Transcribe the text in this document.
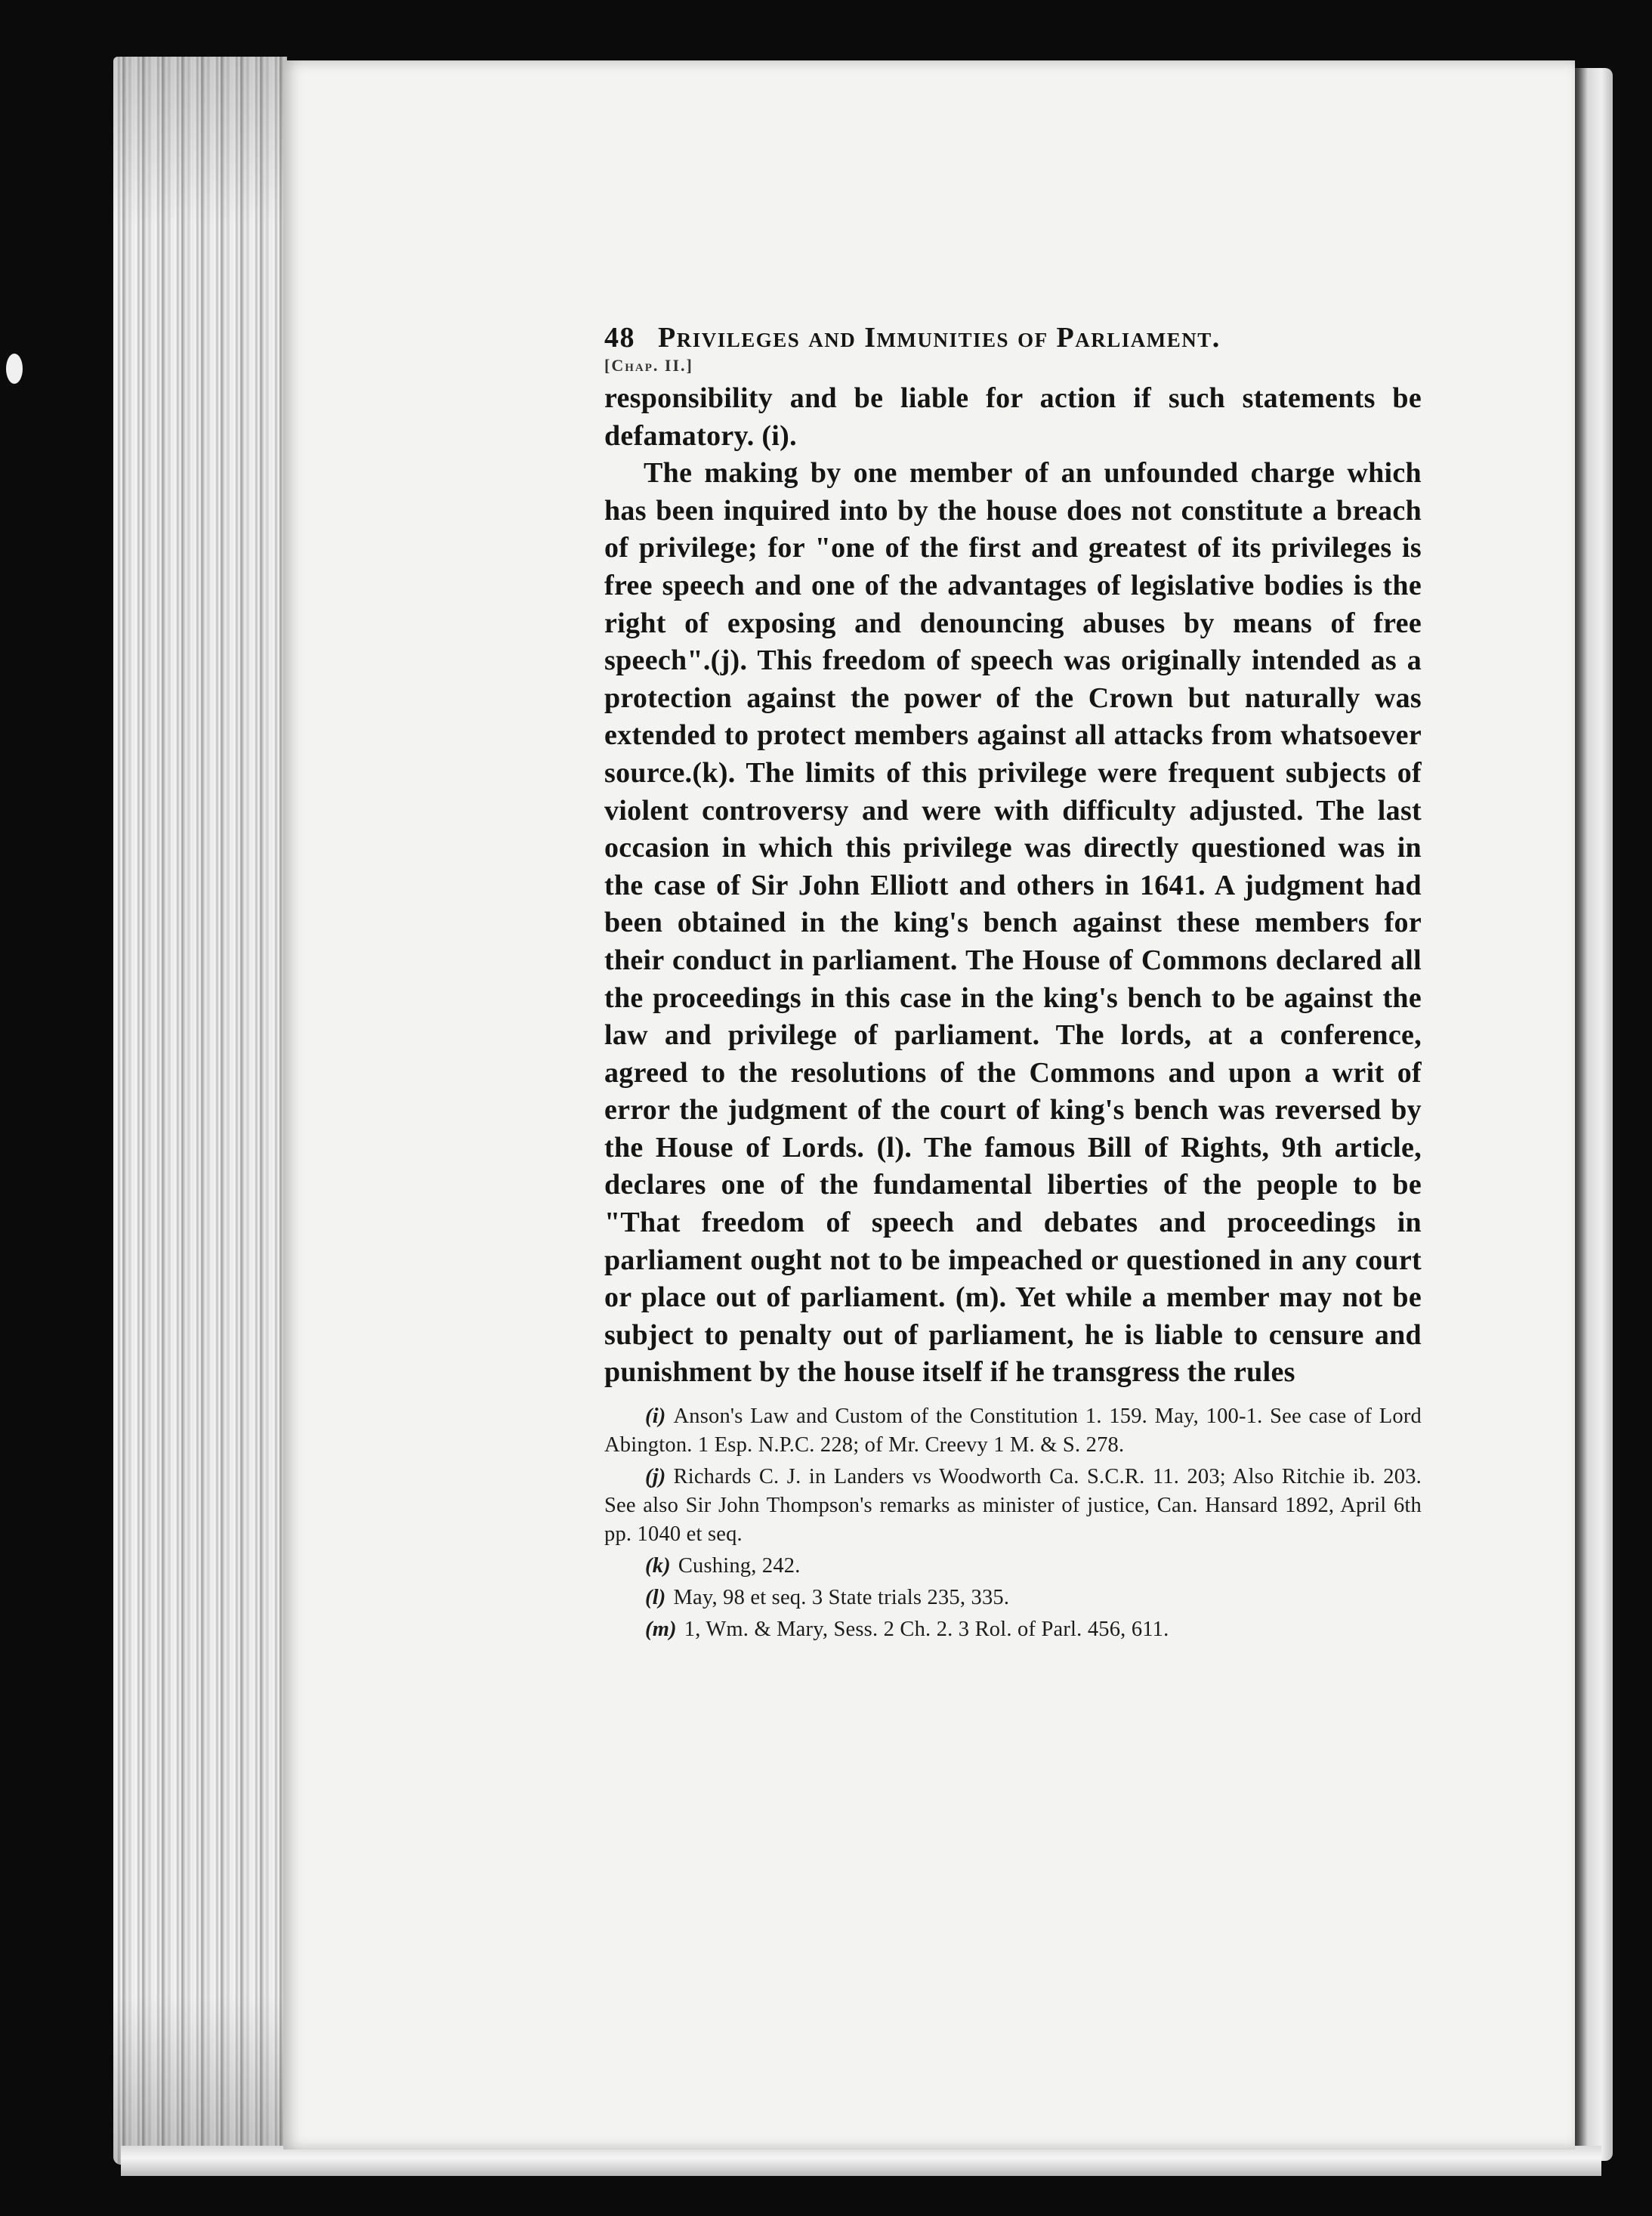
48 Privileges and Immunities of Parliament.
[Chap. II.]

responsibility and be liable for action if such statements be defamatory. (i).

The making by one member of an unfounded charge which has been inquired into by the house does not constitute a breach of privilege; for "one of the first and greatest of its privileges is free speech and one of the advantages of legislative bodies is the right of exposing and denouncing abuses by means of free speech".(j). This freedom of speech was originally intended as a protection against the power of the Crown but naturally was extended to protect members against all attacks from whatsoever source.(k). The limits of this privilege were frequent subjects of violent controversy and were with difficulty adjusted. The last occasion in which this privilege was directly questioned was in the case of Sir John Elliott and others in 1641. A judgment had been obtained in the king's bench against these members for their conduct in parliament. The House of Commons declared all the proceedings in this case in the king's bench to be against the law and privilege of parliament. The lords, at a conference, agreed to the resolutions of the Commons and upon a writ of error the judgment of the court of king's bench was reversed by the House of Lords. (l). The famous Bill of Rights, 9th article, declares one of the fundamental liberties of the people to be "That freedom of speech and debates and proceedings in parliament ought not to be impeached or questioned in any court or place out of parliament. (m). Yet while a member may not be subject to penalty out of parliament, he is liable to censure and punishment by the house itself if he transgress the rules

(i) Anson's Law and Custom of the Constitution 1. 159. May, 100-1. See case of Lord Abington. 1 Esp. N.P.C. 228; of Mr. Creevy 1 M. & S. 278.

(j) Richards C. J. in Landers vs Woodworth Ca. S.C.R. 11. 203; Also Ritchie ib. 203. See also Sir John Thompson's remarks as minister of justice, Can. Hansard 1892, April 6th pp. 1040 et seq.

(k) Cushing, 242.

(l) May, 98 et seq. 3 State trials 235, 335.

(m) 1, Wm. & Mary, Sess. 2 Ch. 2. 3 Rol. of Parl. 456, 611.
